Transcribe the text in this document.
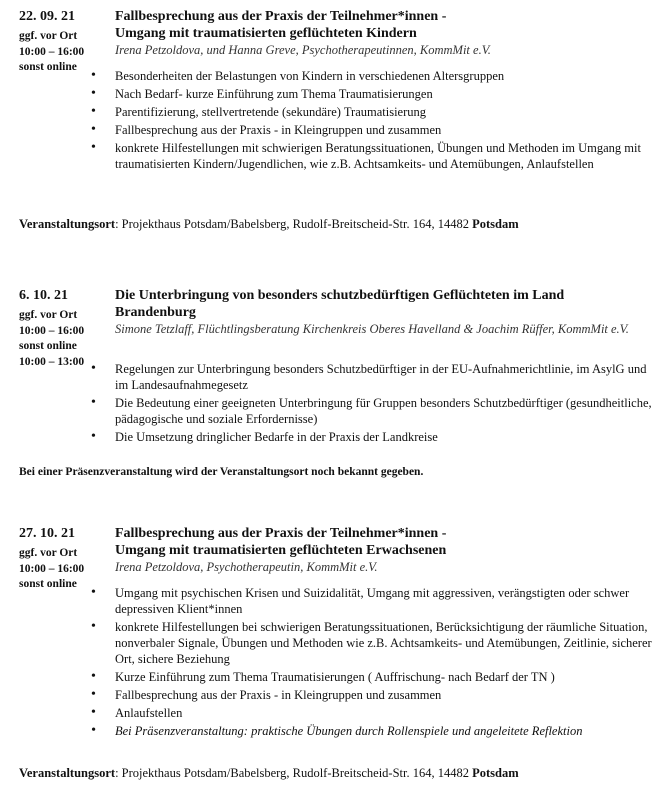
22. 09. 21
ggf. vor Ort
10:00 – 16:00
sonst online
Fallbesprechung aus der Praxis der Teilnehmer*innen -
Umgang mit traumatisierten geflüchteten Kindern
Irena Petzoldova, und Hanna Greve, Psychotherapeutinnen, KommMit e.V.
• Besonderheiten der Belastungen von Kindern in verschiedenen Altersgruppen
• Nach Bedarf- kurze Einführung zum Thema Traumatisierungen
• Parentifizierung, stellvertretende (sekundäre) Traumatisierung
• Fallbesprechung aus der Praxis - in Kleingruppen und zusammen
• konkrete Hilfestellungen mit schwierigen Beratungssituationen, Übungen und Methoden im Umgang mit traumatisierten Kindern/Jugendlichen, wie z.B. Achtsamkeits- und Atemübungen, Anlaufstellen
Veranstaltungsort: Projekthaus Potsdam/Babelsberg, Rudolf-Breitscheid-Str. 164, 14482 Potsdam
6. 10. 21
ggf. vor Ort
10:00 – 16:00
sonst online
10:00 – 13:00
Die Unterbringung von besonders schutzbedürftigen Geflüchteten im Land
Brandenburg
Simone Tetzlaff, Flüchtlingsberatung Kirchenkreis Oberes Havelland & Joachim Rüffer, KommMit e.V.
• Regelungen zur Unterbringung besonders Schutzbedürftiger in der EU-Aufnahmerichtlinie, im AsylG und im Landesaufnahmegesetz
• Die Bedeutung einer geeigneten Unterbringung für Gruppen besonders Schutzbedürftiger (gesundheitliche, pädagogische und soziale Erfordernisse)
• Die Umsetzung dringlicher Bedarfe in der Praxis der Landkreise
Bei einer Präsenzveranstaltung wird der Veranstaltungsort noch bekannt gegeben.
27. 10. 21
ggf. vor Ort
10:00 – 16:00
sonst online
Fallbesprechung aus der Praxis der Teilnehmer*innen -
Umgang mit traumatisierten geflüchteten Erwachsenen
Irena Petzoldova, Psychotherapeutin, KommMit e.V.
• Umgang mit psychischen Krisen und Suizidalität, Umgang mit aggressiven, verängstigten oder schwer depressiven Klient*innen
• konkrete Hilfestellungen bei schwierigen Beratungssituationen, Berücksichtigung der räumliche Situation, nonverbaler Signale, Übungen und Methoden wie z.B. Achtsamkeits- und Atemübungen, Zeitlinie, sicherer Ort, sichere Beziehung
• Kurze Einführung zum Thema Traumatisierungen ( Auffrischung- nach Bedarf der TN )
• Fallbesprechung aus der Praxis - in Kleingruppen und zusammen
• Anlaufstellen
• Bei Präsenzveranstaltung: praktische Übungen durch Rollenspiele und angeleitete Reflektion
Veranstaltungsort: Projekthaus Potsdam/Babelsberg, Rudolf-Breitscheid-Str. 164, 14482 Potsdam
